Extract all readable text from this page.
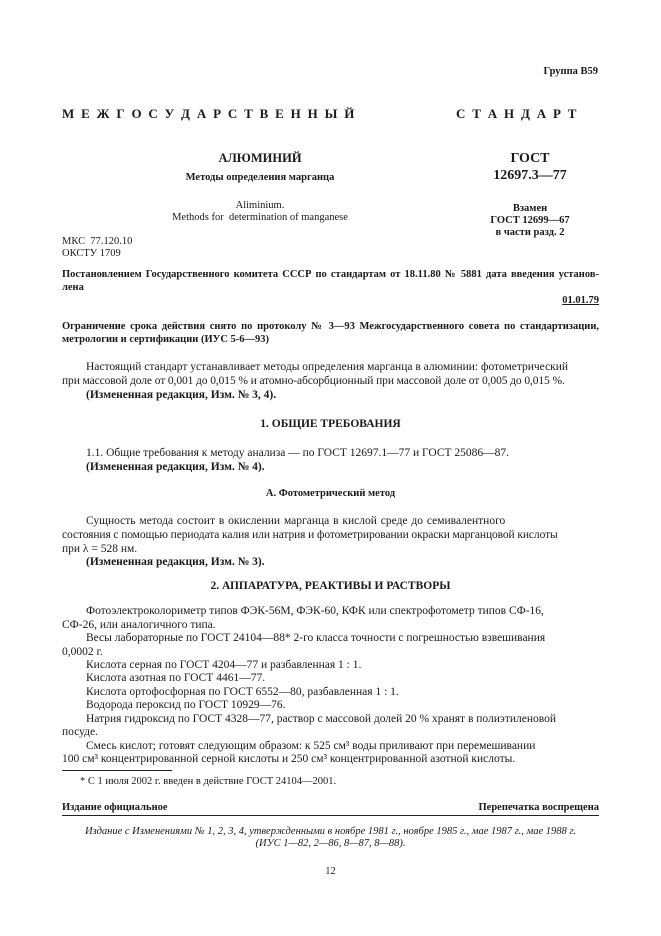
Группа В59
М Е Ж Г О С У Д А Р С Т В Е Н Н Ы Й	С Т А Н Д А Р Т
АЛЮМИНИЙ
Методы определения марганца
Aliminium.
Methods for  determination of manganese
ГОСТ
12697.3—77
Взамен
ГОСТ 12699—67
в части разд. 2
МКС  77.120.10
ОКСТУ 1709
Постановлением Государственного комитета СССР по стандартам от 18.11.80 № 5881 дата введения установ-лена
01.01.79
Ограничение срока действия снято по протоколу № 3—93 Межгосударственного совета по стандартизации, метрологии и сертификации (ИУС 5-6—93)
Настоящий стандарт устанавливает методы определения марганца в алюминии: фотометрический
при массовой доле от 0,001 до 0,015 % и атомно-абсорбционный при массовой доле от 0,005 до 0,015 %.
(Измененная редакция, Изм. № 3, 4).
1. ОБЩИЕ ТРЕБОВАНИЯ
1.1. Общие требования к методу анализа — по ГОСТ 12697.1—77 и ГОСТ 25086—87.
(Измененная редакция, Изм. № 4).
А. Фотометрический метод
Сущность метода состоит в окислении марганца в кислой среде до семивалентного
состояния с помощью периодата калия или натрия и фотометрировании окраски марганцовой кислоты
при λ = 528 нм.
(Измененная редакция, Изм. № 3).
2. АППАРАТУРА, РЕАКТИВЫ И РАСТВОРЫ
Фотоэлектроколориметр типов ФЭК-56М, ФЭК-60, КФК или спектрофотометр типов СФ-16,
СФ-26, или аналогичного типа.
Весы лабораторные по ГОСТ 24104—88* 2-го класса точности с погрешностью взвешивания
0,0002 г.
Кислота серная по ГОСТ 4204—77 и разбавленная 1 : 1.
Кислота азотная по ГОСТ 4461—77.
Кислота ортофосфорная по ГОСТ 6552—80, разбавленная 1 : 1.
Водорода пероксид по ГОСТ 10929—76.
Натрия гидроксид по ГОСТ 4328—77, раствор с массовой долей 20 % хранят в полиэтиленовой
посуде.
Смесь кислот; готовят следующим образом: к 525 см³ воды приливают при перемешивании
100 см³ концентрированной серной кислоты и 250 см³ концентрированной азотной кислоты.
* С 1 июля 2002 г. введен в действие ГОСТ 24104—2001.
Издание официальное	Перепечатка воспрещена
Издание с Изменениями № 1, 2, 3, 4, утвержденными в ноябре 1981 г., ноябре 1985 г., мае 1987 г., мае 1988 г.
(ИУС 1—82, 2—86, 8—87, 8—88).
12
